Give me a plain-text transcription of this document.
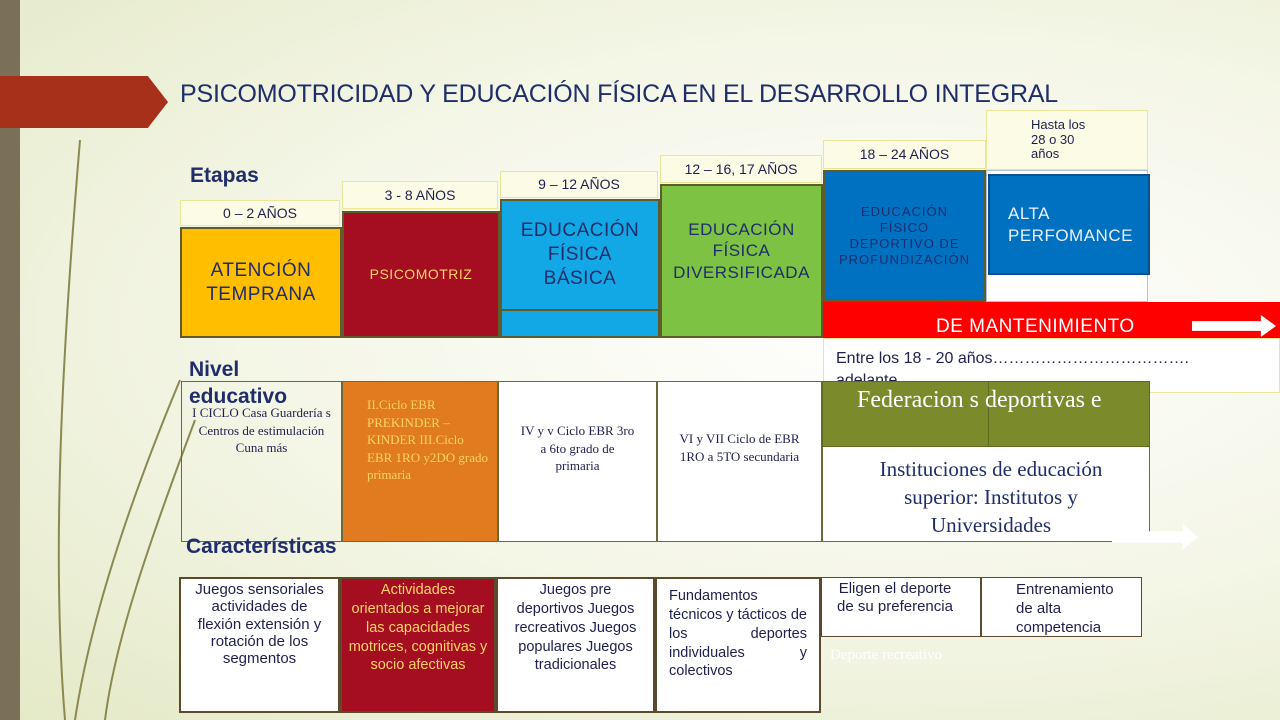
PSICOMOTRICIDAD Y EDUCACIÓN FÍSICA EN EL DESARROLLO INTEGRAL
Etapas
0 – 2 AÑOS
3 - 8 AÑOS
9 – 12 AÑOS
12 – 16, 17 AÑOS
18 – 24 AÑOS
Hasta los 28 o 30 años
ATENCIÓN TEMPRANA
PSICOMOTRIZ
EDUCACIÓN FÍSICA BÁSICA
EDUCACIÓN FÍSICA DIVERSIFICADA
EDUCACIÓN FÍSICO DEPORTIVO DE PROFUNDIZACIÓN
ALTA PERFOMANCE
DE MANTENIMIENTO
Entre los 18 - 20 años……………………………….
Nivel
educativo
I CICLO Casa Guardería s Centros de estimulación Cuna más
II.Ciclo EBR PREKINDER – KINDER III.Ciclo EBR 1RO y2DO grado primaria
IV y v Ciclo EBR 3ro a 6to grado de primaria
VI y VII Ciclo de EBR 1RO a 5TO secundaria
Federacion s deportivas e
Instituciones de educación superior: Institutos y Universidades
Características
Juegos sensoriales actividades de flexión extensión y rotación de los segmentos
Actividades orientados a mejorar las capacidades motrices, cognitivas y socio afectivas
Juegos pre deportivos Juegos recreativos Juegos populares Juegos tradicionales
Fundamentos técnicos y tácticos de los deportes individuales y colectivos
Eligen el deporte de su preferencia
Entrenamiento de alta competencia
Deporte recreativo
